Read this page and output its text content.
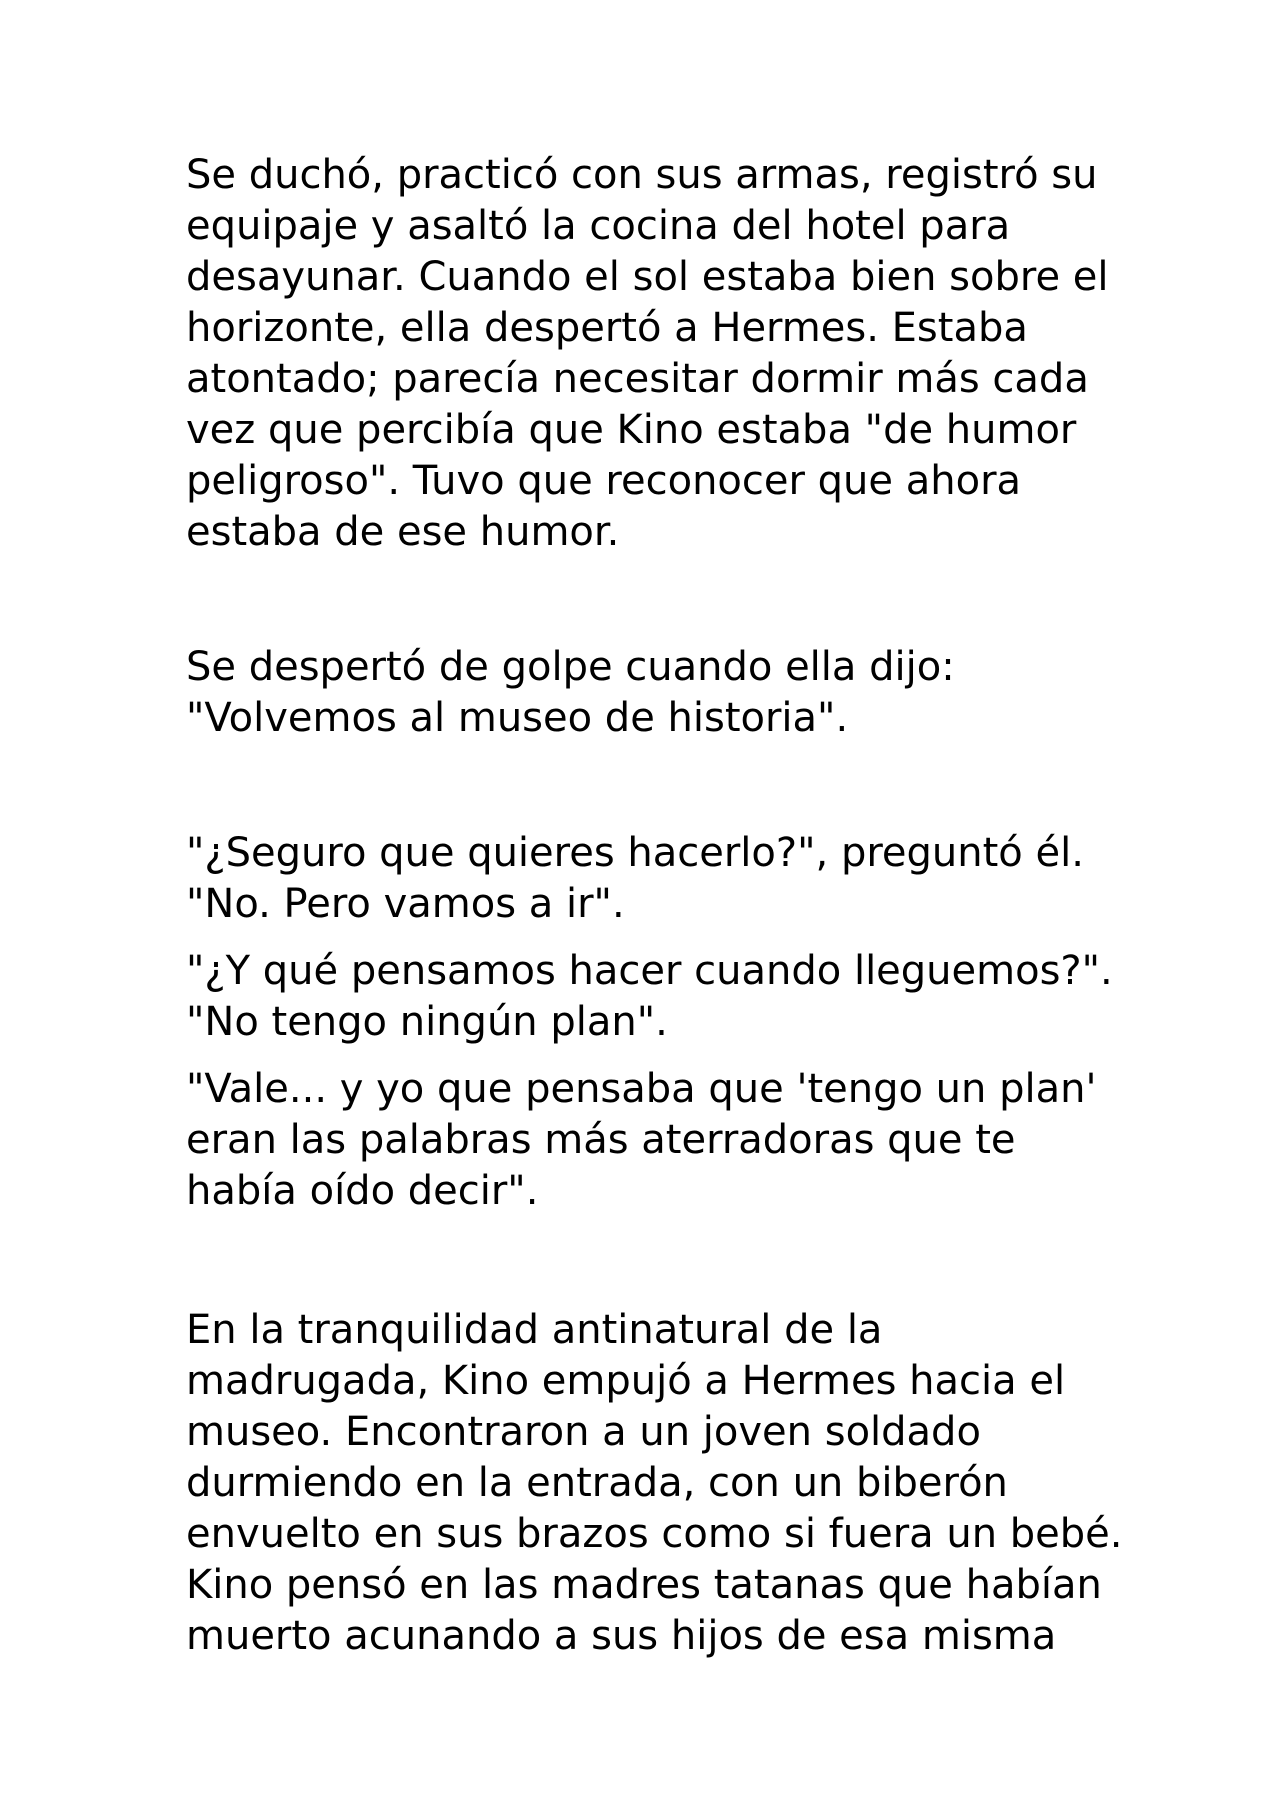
Se duchó, practicó con sus armas, registró su
equipaje y asaltó la cocina del hotel para
desayunar. Cuando el sol estaba bien sobre el
horizonte, ella despertó a Hermes. Estaba
atontado; parecía necesitar dormir más cada
vez que percibía que Kino estaba "de humor
peligroso". Tuvo que reconocer que ahora
estaba de ese humor.

Se despertó de golpe cuando ella dijo:
"Volvemos al museo de historia".

"¿Seguro que quieres hacerlo?", preguntó él.
"No. Pero vamos a ir".

"¿Y qué pensamos hacer cuando lleguemos?".
"No tengo ningún plan".

"Vale... y yo que pensaba que 'tengo un plan'
eran las palabras más aterradoras que te
había oído decir".

En la tranquilidad antinatural de la
madrugada, Kino empujó a Hermes hacia el
museo. Encontraron a un joven soldado
durmiendo en la entrada, con un biberón
envuelto en sus brazos como si fuera un bebé.
Kino pensó en las madres tatanas que habían
muerto acunando a sus hijos de esa misma
